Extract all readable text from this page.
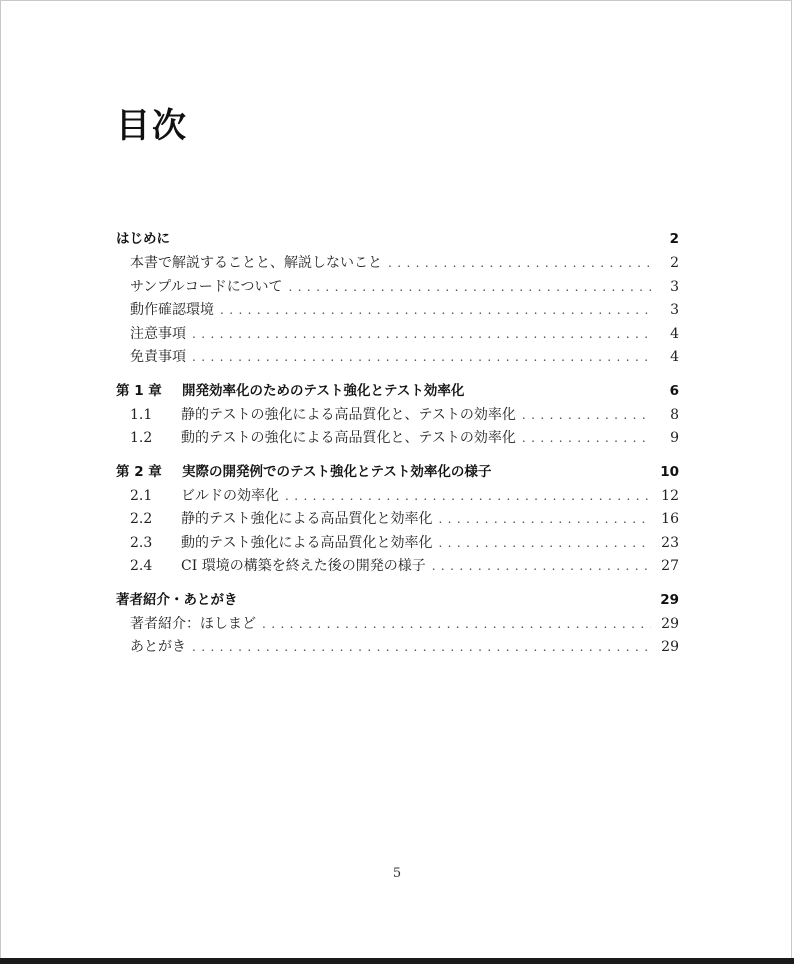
目次
はじめに	2
本書で解説することと、解説しないこと . . .	2
サンプルコードについて . . .	3
動作確認環境 . . .	3
注意事項 . . .	4
免責事項 . . .	4
第 1 章	開発効率化のためのテスト強化とテスト効率化	6
1.1	静的テストの強化による高品質化と、テストの効率化 . . .	8
1.2	動的テストの強化による高品質化と、テストの効率化 . . .	9
第 2 章	実際の開発例でのテスト強化とテスト効率化の様子	10
2.1	ビルドの効率化 . . .	12
2.2	静的テスト強化による高品質化と効率化 . . .	16
2.3	動的テスト強化による高品質化と効率化 . . .	23
2.4	CI 環境の構築を終えた後の開発の様子 . . .	27
著者紹介・あとがき	29
著者紹介：ほしまど . . .	29
あとがき . . .	29
5
